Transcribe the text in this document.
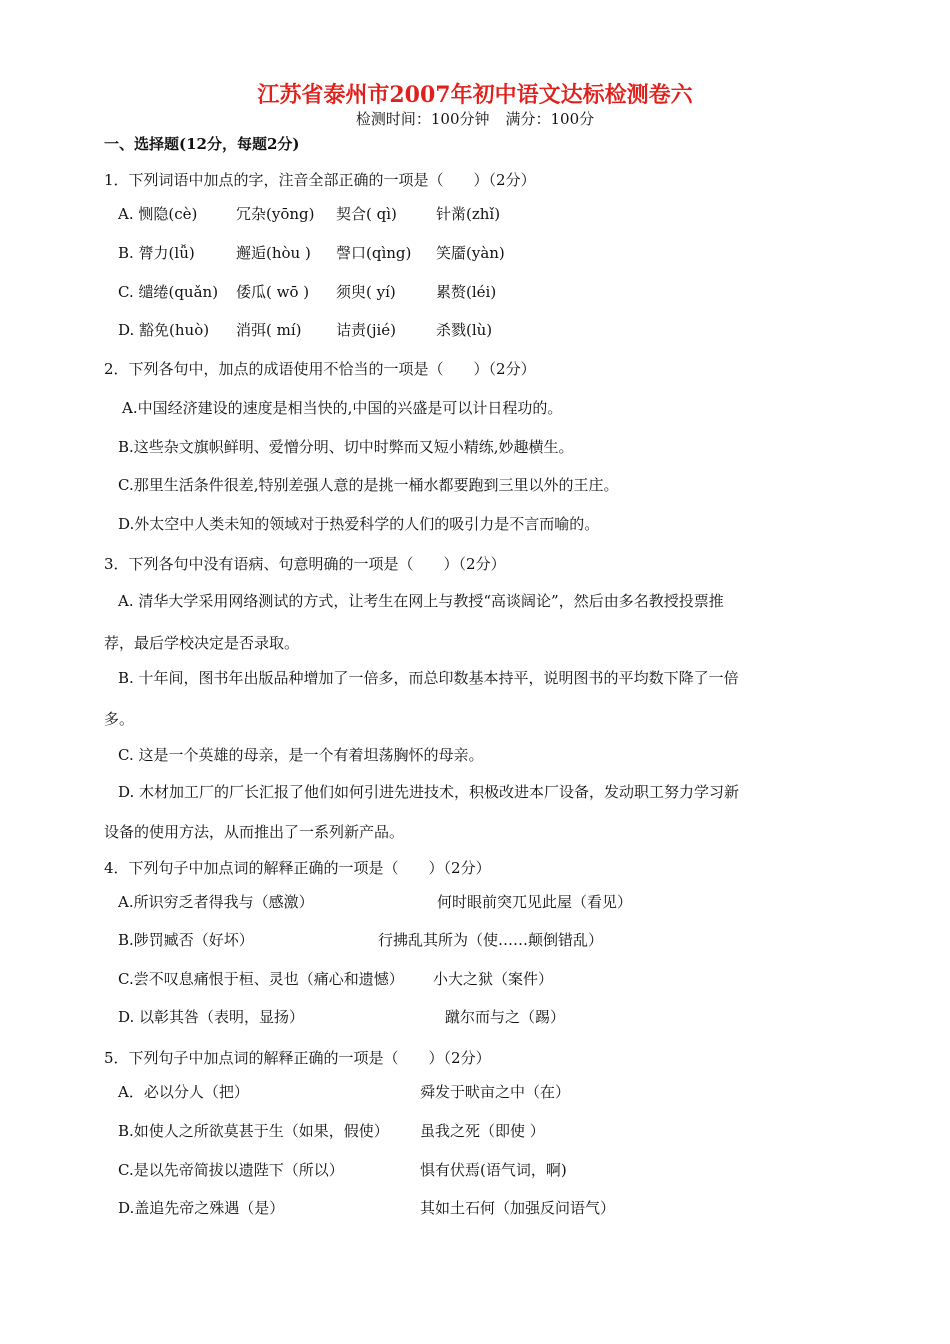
江苏省泰州市2007年初中语文达标检测卷六
检测时间：100分钟 满分：100分
一、选择题(12分，每题2分)
1．下列词语中加点的字，注音全部正确的一项是（　　）（2分）
A. 恻隐(cè)	冗杂(yōng) 契合( qì)	针黹(zhǐ)
B. 膂力(lǚ)	邂逅(hòu ) 謦口(qìng) 笑靥(yàn)
C. 缱绻(quǎn) 倭瓜( wō ) 须臾( yí)	累赘(léi)
D. 豁免(huò) 消弭( mí) 诘责(jié)	杀戮(lù)
2．下列各句中，加点的成语使用不恰当的一项是（　　）（2分）
A.中国经济建设的速度是相当快的,中国的兴盛是可以计日程功的。
B.这些杂文旗帜鲜明、爱憎分明、切中时弊而又短小精练,妙趣横生。
C.那里生活条件很差,特别差强人意的是挑一桶水都要跑到三里以外的王庄。
D.外太空中人类未知的领域对于热爱科学的人们的吸引力是不言而喻的。
3．下列各句中没有语病、句意明确的一项是（　　）（2分）
A. 清华大学采用网络测试的方式，让考生在网上与教授“高谈阔论”，然后由多名教授投票推
荐，最后学校决定是否录取。
B. 十年间，图书年出版品种增加了一倍多，而总印数基本持平，说明图书的平均数下降了一倍
多。
C. 这是一个英雄的母亲，是一个有着坦荡胸怀的母亲。
D. 木材加工厂的厂长汇报了他们如何引进先进技术，积极改进本厂设备，发动职工努力学习新
设备的使用方法，从而推出了一系列新产品。
4．下列句子中加点词的解释正确的一项是（　　）（2分）
A.所识穷乏者得我与（感激）	何时眼前突兀见此屋（看见）
B.陟罚臧否（好坏）	行拂乱其所为（使……颠倒错乱）
C.尝不叹息痛恨于桓、灵也（痛心和遗憾） 小大之狱（案件）
D. 以彰其咎（表明，显扬）	蹴尔而与之（踢）
5．下列句子中加点词的解释正确的一项是（　　）（2分）
A．必以分人（把）	舜发于畎亩之中（在）
B.如使人之所欲莫甚于生（如果，假使） 虽我之死（即使 ）
C.是以先帝简拔以遗陛下（所以）	惧有伏焉(语气词，啊)
D.盖追先帝之殊遇（是）	其如土石何（加强反问语气）
